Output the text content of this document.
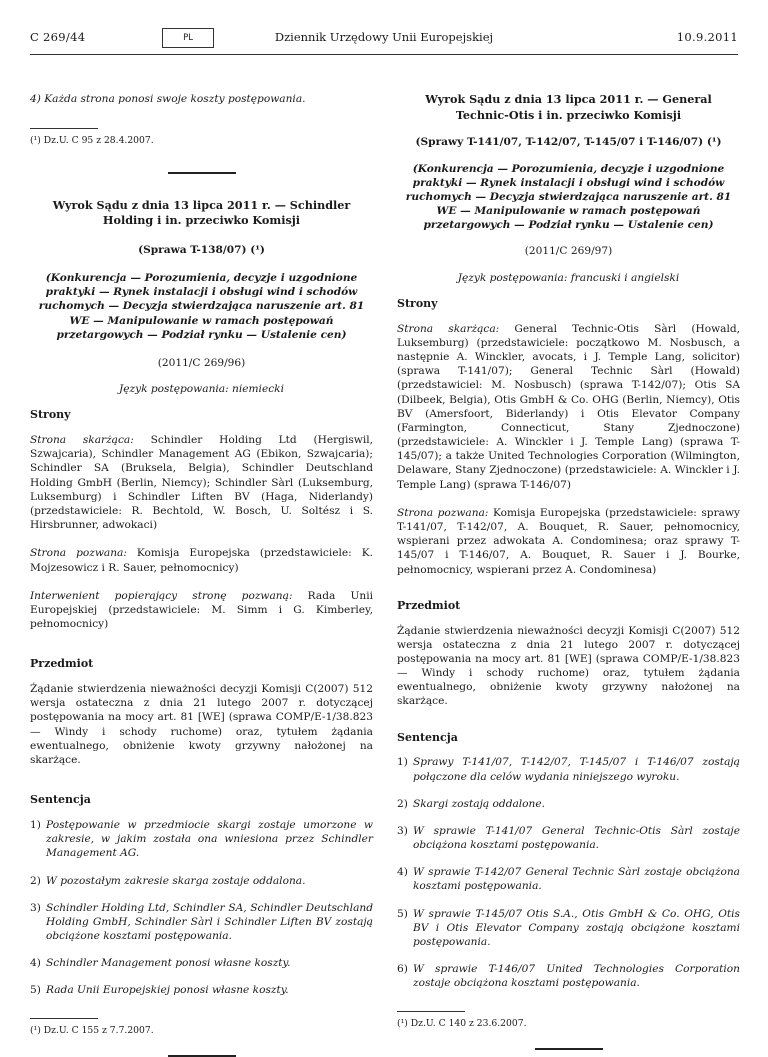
C 269/44	PL	Dziennik Urzędowy Unii Europejskiej	10.9.2011

4) Każda strona ponosi swoje koszty postępowania.

(¹) Dz.U. C 95 z 28.4.2007.

Wyrok Sądu z dnia 13 lipca 2011 r. — Schindler Holding i in. przeciwko Komisji

(Sprawa T-138/07) (¹)

(Konkurencja — Porozumienia, decyzje i uzgodnione praktyki — Rynek instalacji i obsługi wind i schodów ruchomych — Decyzja stwierdzająca naruszenie art. 81 WE — Manipulowanie w ramach postępowań przetargowych — Podział rynku — Ustalenie cen)

(2011/C 269/96)

Język postępowania: niemiecki

Strony

Strona skarżąca: Schindler Holding Ltd (Hergiswil, Szwajcaria), Schindler Management AG (Ebikon, Szwajcaria); Schindler SA (Bruksela, Belgia), Schindler Deutschland Holding GmbH (Berlin, Niemcy); Schindler Sàrl (Luksemburg, Luksemburg) i Schindler Liften BV (Haga, Niderlandy) (przedstawiciele: R. Bechtold, W. Bosch, U. Soltész i S. Hirsbrunner, adwokaci)

Strona pozwana: Komisja Europejska (przedstawiciele: K. Mojzesowicz i R. Sauer, pełnomocnicy)

Interwenient popierający stronę pozwaną: Rada Unii Europejskiej (przedstawiciele: M. Simm i G. Kimberley, pełnomocnicy)

Przedmiot

Żądanie stwierdzenia nieważności decyzji Komisji C(2007) 512 wersja ostateczna z dnia 21 lutego 2007 r. dotyczącej postępowania na mocy art. 81 [WE] (sprawa COMP/E-1/38.823 — Windy i schody ruchome) oraz, tytułem żądania ewentualnego, obniżenie kwoty grzywny nałożonej na skarżące.

Sentencja

1) Postępowanie w przedmiocie skargi zostaje umorzone w zakresie, w jakim została ona wniesiona przez Schindler Management AG.
2) W pozostałym zakresie skarga zostaje oddalona.
3) Schindler Holding Ltd, Schindler SA, Schindler Deutschland Holding GmbH, Schindler Sàrl i Schindler Liften BV zostają obciążone kosztami postępowania.
4) Schindler Management ponosi własne koszty.
5) Rada Unii Europejskiej ponosi własne koszty.

(¹) Dz.U. C 155 z 7.7.2007.

Wyrok Sądu z dnia 13 lipca 2011 r. — General Technic-Otis i in. przeciwko Komisji

(Sprawy T-141/07, T-142/07, T-145/07 i T-146/07) (¹)

(Konkurencja — Porozumienia, decyzje i uzgodnione praktyki — Rynek instalacji i obsługi wind i schodów ruchomych — Decyzja stwierdzająca naruszenie art. 81 WE — Manipulowanie w ramach postępowań przetargowych — Podział rynku — Ustalenie cen)

(2011/C 269/97)

Język postępowania: francuski i angielski

Strony

Strona skarżąca: General Technic-Otis Sàrl (Howald, Luksemburg) (przedstawiciele: początkowo M. Nosbusch, a następnie A. Winckler, avocats, i J. Temple Lang, solicitor) (sprawa T-141/07); General Technic Sàrl (Howald) (przedstawiciel: M. Nosbusch) (sprawa T-142/07); Otis SA (Dilbeek, Belgia), Otis GmbH & Co. OHG (Berlin, Niemcy), Otis BV (Amersfoort, Biderlandy) i Otis Elevator Company (Farmington, Connecticut, Stany Zjednoczone) (przedstawiciele: A. Winckler i J. Temple Lang) (sprawa T-145/07); a także United Technologies Corporation (Wilmington, Delaware, Stany Zjednoczone) (przedstawiciele: A. Winckler i J. Temple Lang) (sprawa T-146/07)

Strona pozwana: Komisja Europejska (przedstawiciele: sprawy T-141/07, T-142/07, A. Bouquet, R. Sauer, pełnomocnicy, wspierani przez adwokata A. Condominesa; oraz sprawy T-145/07 i T-146/07, A. Bouquet, R. Sauer i J. Bourke, pełnomocnicy, wspierani przez A. Condominesa)

Przedmiot

Żądanie stwierdzenia nieważności decyzji Komisji C(2007) 512 wersja ostateczna z dnia 21 lutego 2007 r. dotyczącej postępowania na mocy art. 81 [WE] (sprawa COMP/E-1/38.823 — Windy i schody ruchome) oraz, tytułem żądania ewentualnego, obniżenie kwoty grzywny nałożonej na skarżące.

Sentencja

1) Sprawy T-141/07, T-142/07, T-145/07 i T-146/07 zostają połączone dla celów wydania niniejszego wyroku.
2) Skargi zostają oddalone.
3) W sprawie T-141/07 General Technic-Otis Sàrl zostaje obciążona kosztami postępowania.
4) W sprawie T-142/07 General Technic Sàrl zostaje obciążona kosztami postępowania.
5) W sprawie T-145/07 Otis S.A., Otis GmbH & Co. OHG, Otis BV i Otis Elevator Company zostają obciążone kosztami postępowania.
6) W sprawie T-146/07 United Technologies Corporation zostaje obciążona kosztami postępowania.

(¹) Dz.U. C 140 z 23.6.2007.
